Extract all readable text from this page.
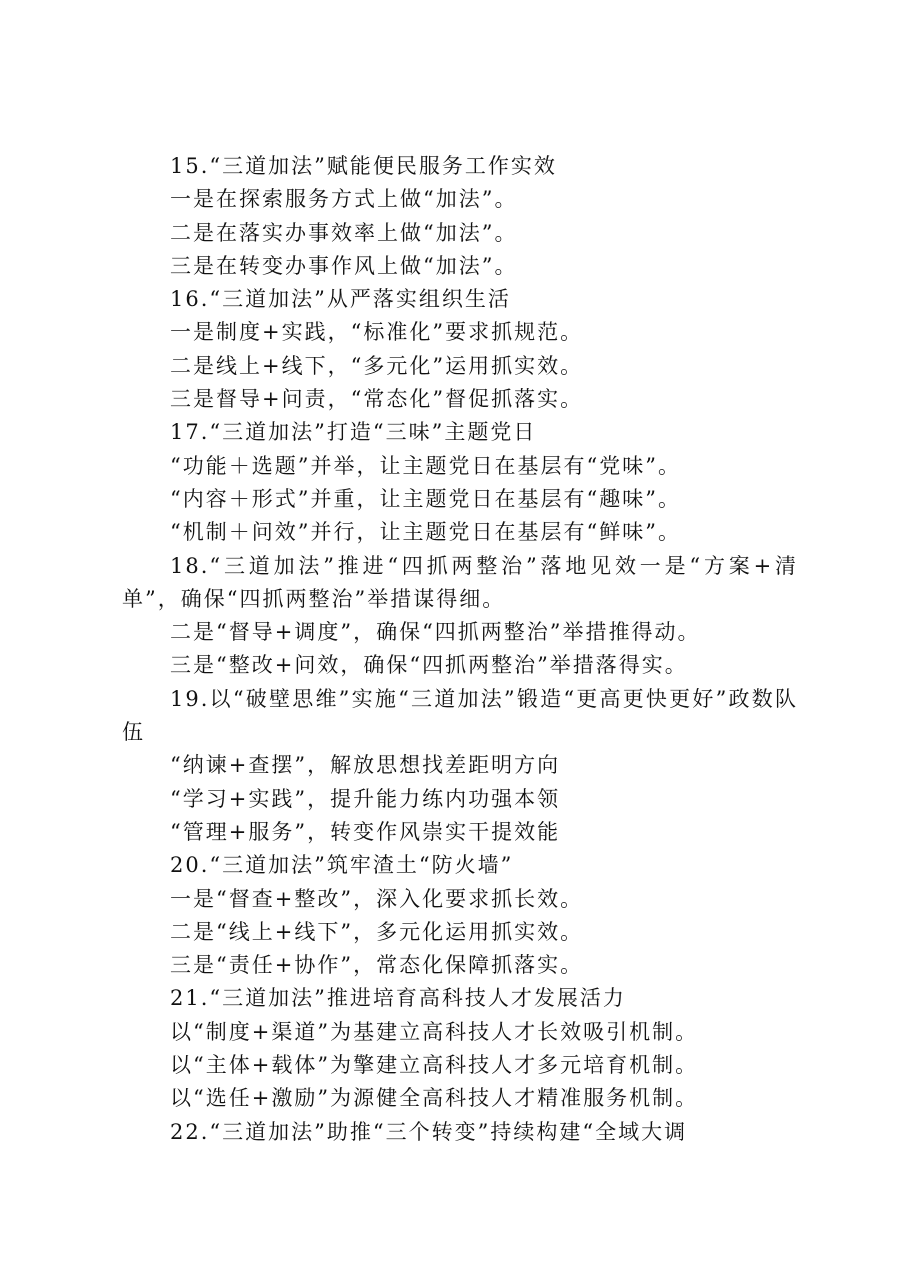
15.“三道加法”赋能便民服务工作实效

一是在探索服务方式上做“加法”。

二是在落实办事效率上做“加法”。

三是在转变办事作风上做“加法”。

16.“三道加法”从严落实组织生活

一是制度+实践，“标准化”要求抓规范。

二是线上+线下，“多元化”运用抓实效。

三是督导+问责，“常态化”督促抓落实。

17.“三道加法”打造“三味”主题党日

“功能＋选题”并举，让主题党日在基层有“党味”。

“内容＋形式”并重，让主题党日在基层有“趣味”。

“机制＋问效”并行，让主题党日在基层有“鲜味”。

18.“三道加法”推进“四抓两整治”落地见效一是“方案+清单”，确保“四抓两整治”举措谋得细。

二是“督导+调度”，确保“四抓两整治”举措推得动。

三是“整改+问效，确保“四抓两整治”举措落得实。

19.以“破壁思维”实施“三道加法”锻造“更高更快更好”政数队伍

“纳谏+查摆”，解放思想找差距明方向

“学习+实践”，提升能力练内功强本领

“管理+服务”，转变作风崇实干提效能

20.“三道加法”筑牢渣土“防火墙”

一是“督查+整改”，深入化要求抓长效。

二是“线上+线下”，多元化运用抓实效。

三是“责任+协作”，常态化保障抓落实。

21.“三道加法”推进培育高科技人才发展活力

以“制度+渠道”为基建立高科技人才长效吸引机制。

以“主体+载体”为擎建立高科技人才多元培育机制。

以“选任+激励”为源健全高科技人才精准服务机制。

22.“三道加法”助推“三个转变”持续构建“全域大调
